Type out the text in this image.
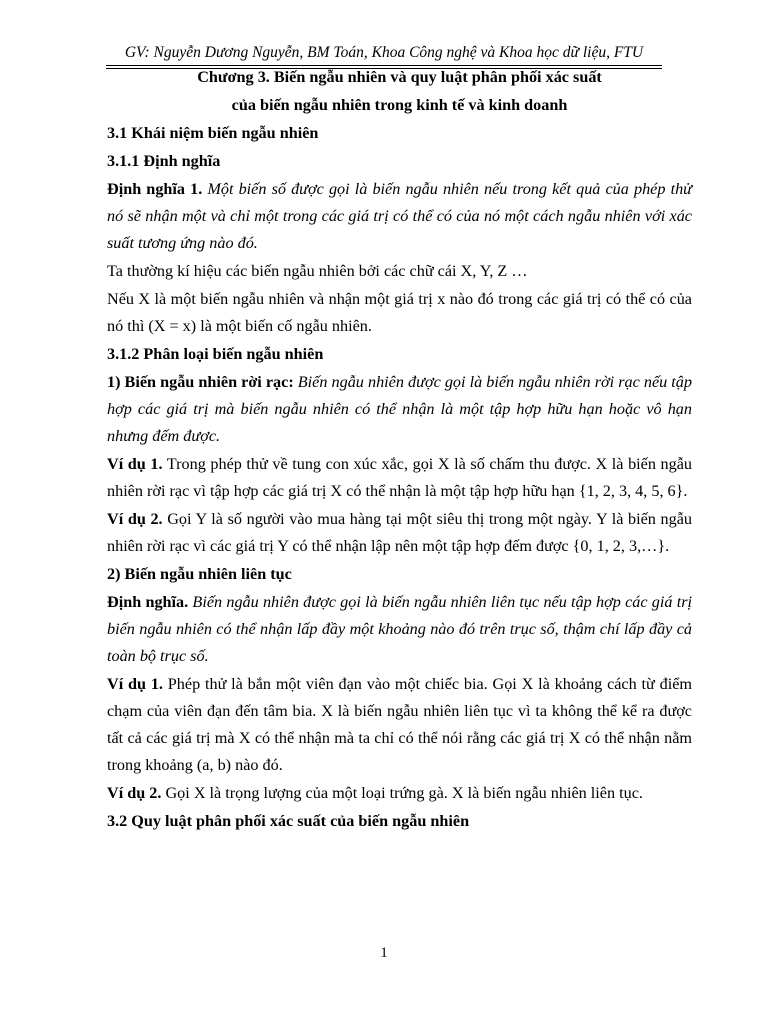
GV: Nguyễn Dương Nguyễn, BM Toán, Khoa Công nghệ và Khoa học dữ liệu, FTU

Chương 3. Biến ngẫu nhiên và quy luật phân phối xác suất

của biến ngẫu nhiên trong kinh tế và kinh doanh

3.1 Khái niệm biến ngẫu nhiên

3.1.1 Định nghĩa

Định nghĩa 1. Một biến số được gọi là biến ngẫu nhiên nếu trong kết quả của phép thử nó sẽ nhận một và chỉ một trong các giá trị có thể có của nó một cách ngẫu nhiên với xác suất tương ứng nào đó.

Ta thường kí hiệu các biến ngẫu nhiên bởi các chữ cái X, Y, Z …

Nếu X là một biến ngẫu nhiên và nhận một giá trị x nào đó trong các giá trị có thể có của nó thì (X = x) là một biến cố ngẫu nhiên.

3.1.2 Phân loại biến ngẫu nhiên

1) Biến ngẫu nhiên rời rạc: Biến ngẫu nhiên được gọi là biến ngẫu nhiên rời rạc nếu tập hợp các giá trị mà biến ngẫu nhiên có thể nhận là một tập hợp hữu hạn hoặc vô hạn nhưng đếm được.

Ví dụ 1. Trong phép thử về tung con xúc xắc, gọi X là số chấm thu được. X là biến ngẫu nhiên rời rạc vì tập hợp các giá trị X có thể nhận là một tập hợp hữu hạn {1, 2, 3, 4, 5, 6}.

Ví dụ 2. Gọi Y là số người vào mua hàng tại một siêu thị trong một ngày. Y là biến ngẫu nhiên rời rạc vì các giá trị Y có thể nhận lập nên một tập hợp đếm được {0, 1, 2, 3,…}.

2) Biến ngẫu nhiên liên tục

Định nghĩa. Biến ngẫu nhiên được gọi là biến ngẫu nhiên liên tục nếu tập hợp các giá trị biến ngẫu nhiên có thể nhận lấp đầy một khoảng nào đó trên trục số, thậm chí lấp đầy cả toàn bộ trục số.

Ví dụ 1. Phép thử là bắn một viên đạn vào một chiếc bia. Gọi X là khoảng cách từ điểm chạm của viên đạn đến tâm bia. X là biến ngẫu nhiên liên tục vì ta không thể kể ra được tất cả các giá trị mà X có thể nhận mà ta chỉ có thể nói rằng các giá trị X có thể nhận nằm trong khoảng (a, b) nào đó.

Ví dụ 2. Gọi X là trọng lượng của một loại trứng gà. X là biến ngẫu nhiên liên tục.

3.2 Quy luật phân phối xác suất của biến ngẫu nhiên

1
